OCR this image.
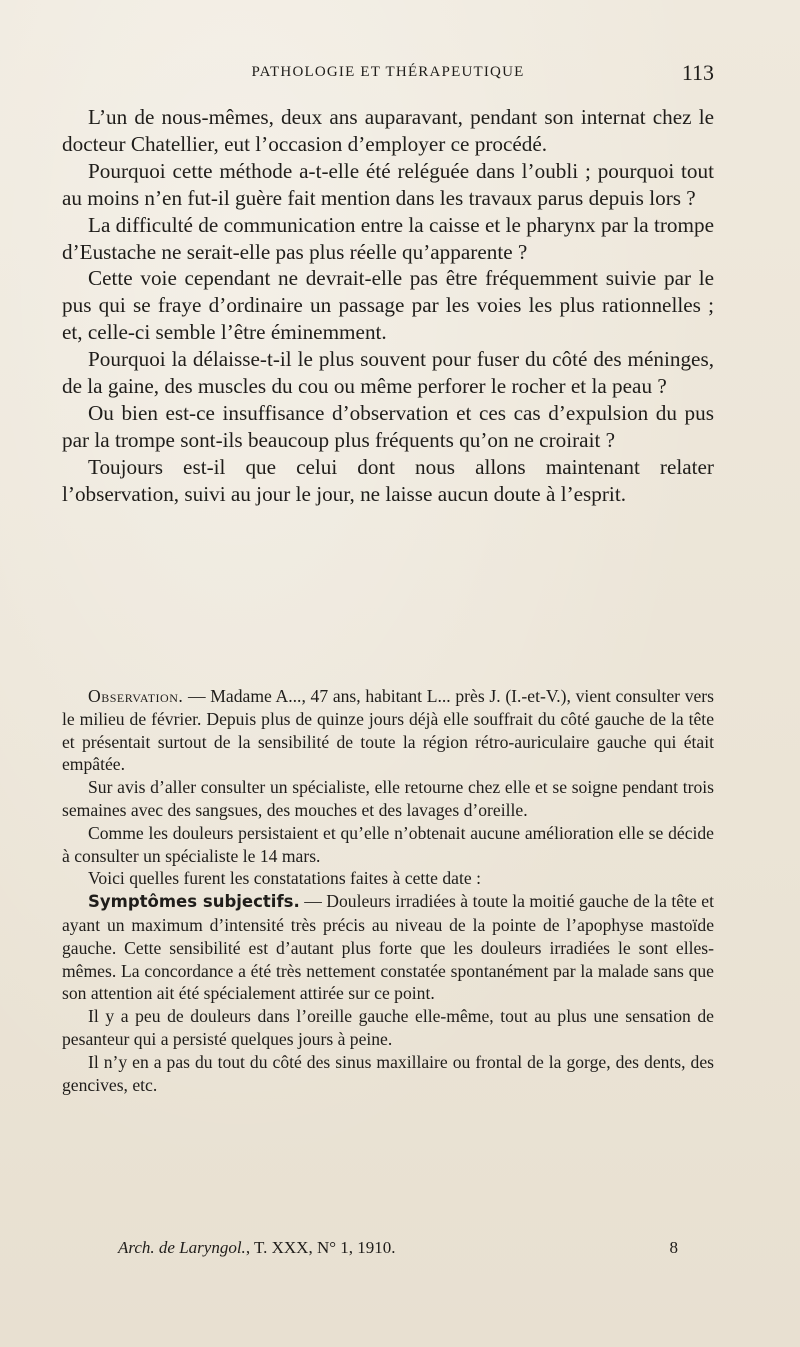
PATHOLOGIE ET THÉRAPEUTIQUE	113

L’un de nous-mêmes, deux ans auparavant, pendant son internat chez le docteur Chatellier, eut l’occasion d’employer ce procédé.

Pourquoi cette méthode a-t-elle été reléguée dans l’oubli ; pourquoi tout au moins n’en fut-il guère fait mention dans les travaux parus depuis lors ?

La difficulté de communication entre la caisse et le pharynx par la trompe d’Eustache ne serait-elle pas plus réelle qu’apparente ?

Cette voie cependant ne devrait-elle pas être fréquemment suivie par le pus qui se fraye d’ordinaire un passage par les voies les plus rationnelles ; et, celle-ci semble l’être éminemment.

Pourquoi la délaisse-t-il le plus souvent pour fuser du côté des méninges, de la gaine, des muscles du cou ou même perforer le rocher et la peau ?

Ou bien est-ce insuffisance d’observation et ces cas d’expulsion du pus par la trompe sont-ils beaucoup plus fréquents qu’on ne croirait ?

Toujours est-il que celui dont nous allons maintenant relater l’observation, suivi au jour le jour, ne laisse aucun doute à l’esprit.

Observation. — Madame A..., 47 ans, habitant L... près J. (I.-et-V.), vient consulter vers le milieu de février. Depuis plus de quinze jours déjà elle souffrait du côté gauche de la tête et présentait surtout de la sensibilité de toute la région rétro-auriculaire gauche qui était empâtée.

Sur avis d’aller consulter un spécialiste, elle retourne chez elle et se soigne pendant trois semaines avec des sangsues, des mouches et des lavages d’oreille.

Comme les douleurs persistaient et qu’elle n’obtenait aucune amélioration elle se décide à consulter un spécialiste le 14 mars.

Voici quelles furent les constatations faites à cette date :

Symptômes subjectifs. — Douleurs irradiées à toute la moitié gauche de la tête et ayant un maximum d’intensité très précis au niveau de la pointe de l’apophyse mastoïde gauche. Cette sensibilité est d’autant plus forte que les douleurs irradiées le sont elles-mêmes. La concordance a été très nettement constatée spontanément par la malade sans que son attention ait été spécialement attirée sur ce point.

Il y a peu de douleurs dans l’oreille gauche elle-même, tout au plus une sensation de pesanteur qui a persisté quelques jours à peine.

Il n’y en a pas du tout du côté des sinus maxillaire ou frontal de la gorge, des dents, des gencives, etc.

Arch. de Laryngol., T. XXX, N° 1, 1910.	8
